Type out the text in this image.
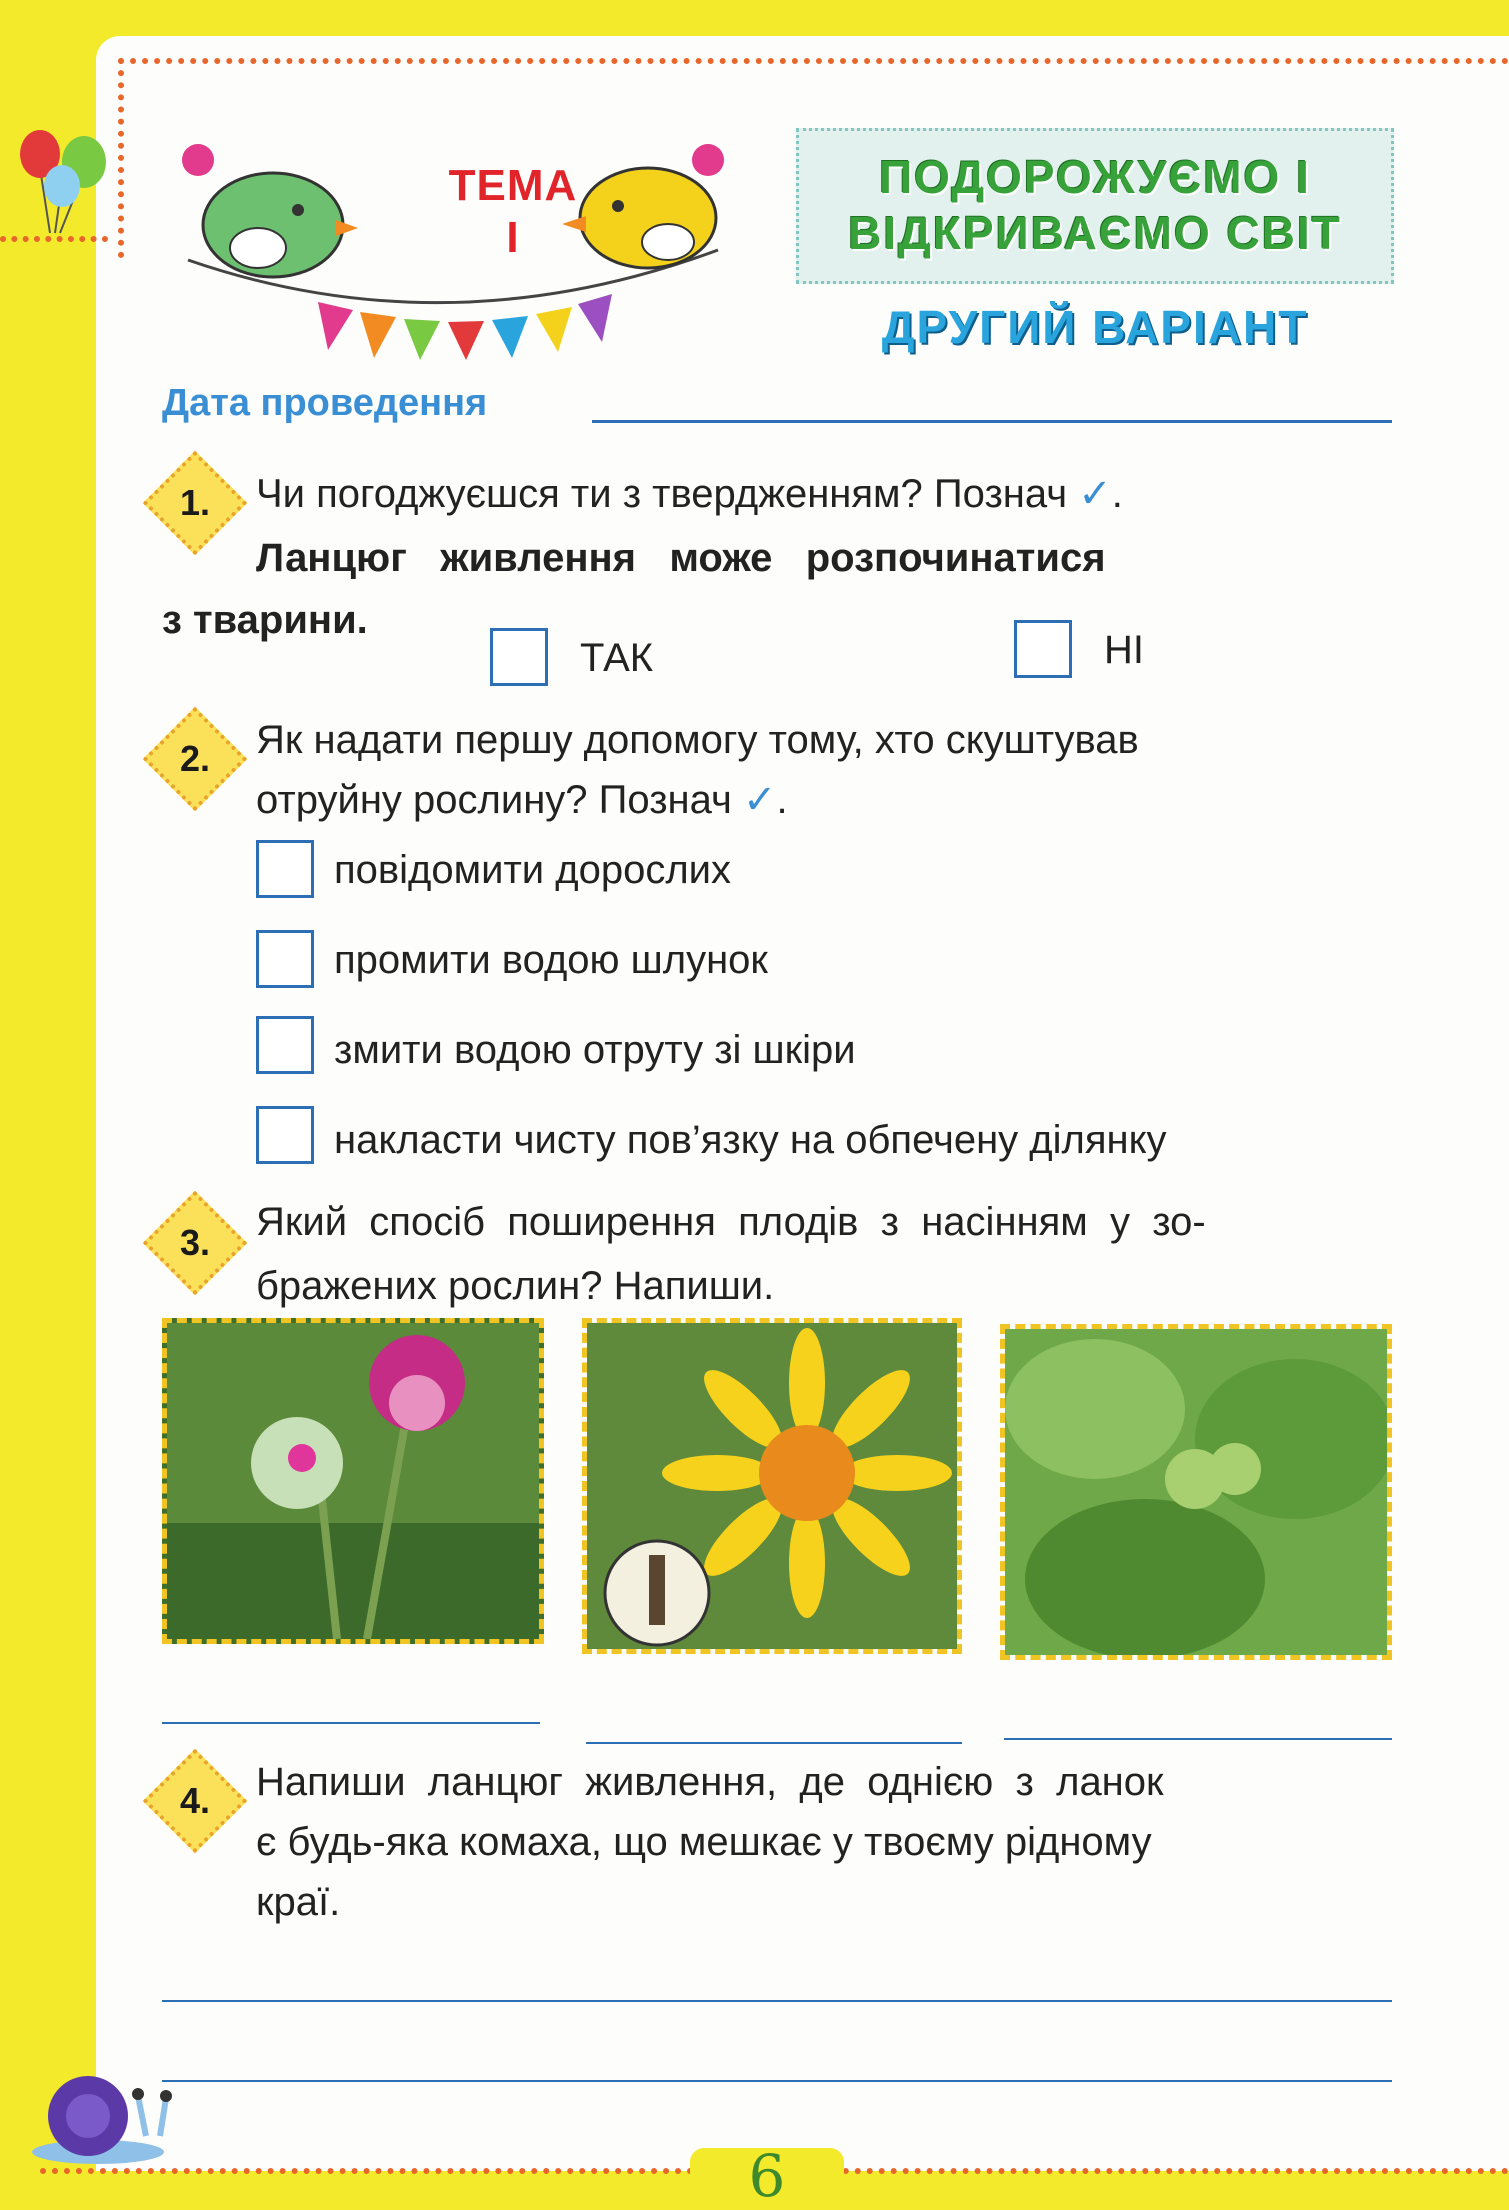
ТЕМА
І
ПОДОРОЖУЄМО І
ВІДКРИВАЄМО СВІТ
ДРУГИЙ ВАРІАНТ
Дата проведення
1.	Чи погоджуєшся ти з твердженням? Познач ✓.
Ланцюг   живлення   може   розпочинатися
з тварини.
ТАК	НІ
2.	Як надати першу допомогу тому, хто скуштував
отруйну рослину? Познач ✓.
повідомити дорослих
промити водою шлунок
змити водою отруту зі шкіри
накласти чисту пов’язку на обпечену ділянку
3.	Який  спосіб  поширення  плодів  з  насінням  у  зо-
бражених рослин? Напиши.
4.	Напиши  ланцюг  живлення,  де  однією  з  ланок
є будь-яка комаха, що мешкає у твоєму рідному
краї.
6
